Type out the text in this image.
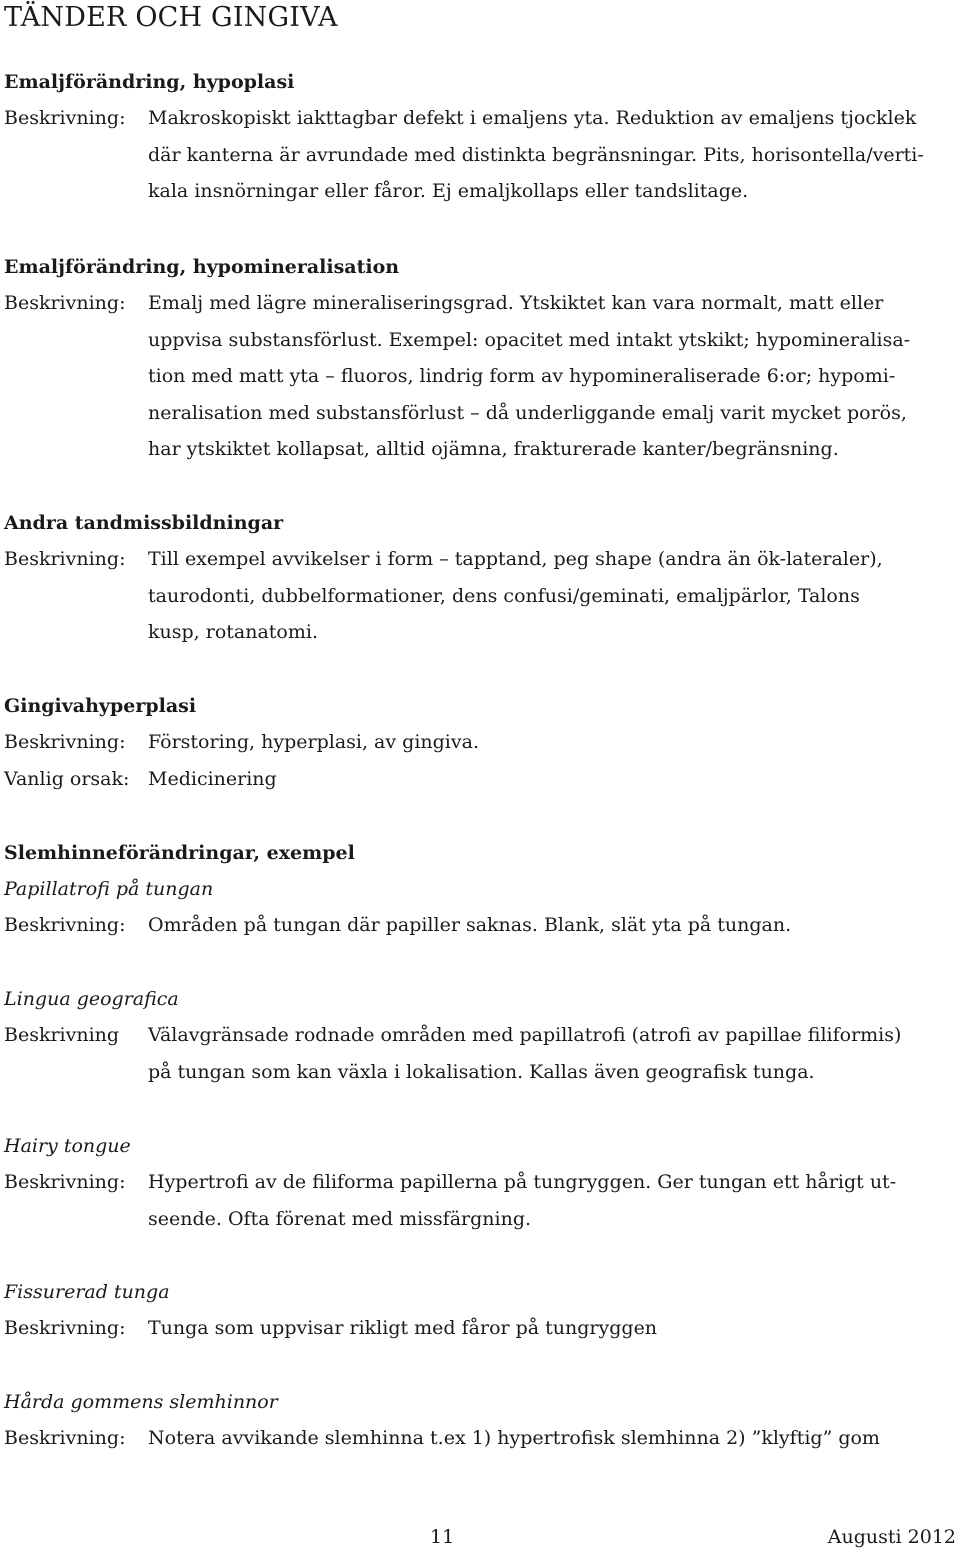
TÄNDER OCH GINGIVA
Emaljförändring, hypoplasi
Beskrivning:	Makroskopiskt iakttagbar defekt i emaljens yta. Reduktion av emaljens tjocklek
där kanterna är avrundade med distinkta begränsningar. Pits, horisontella/verti-
kala insnörningar eller fåror. Ej emaljkollaps eller tandslitage.
Emaljförändring, hypomineralisation
Beskrivning:	Emalj med lägre mineraliseringsgrad. Ytskiktet kan vara normalt, matt eller
uppvisa substansförlust. Exempel: opacitet med intakt ytskikt; hypomineralisa-
tion med matt yta – fluoros, lindrig form av hypomineraliserade 6:or; hypomi-
neralisation med substansförlust – då underliggande emalj varit mycket porös,
har ytskiktet kollapsat, alltid ojämna, frakturerade kanter/begränsning.
Andra tandmissbildningar
Beskrivning:	Till exempel avvikelser i form – tapptand, peg shape (andra än ök-lateraler),
taurodonti, dubbelformationer, dens confusi/geminati, emaljpärlor, Talons
kusp, rotanatomi.
Gingivahyperplasi
Beskrivning:	Förstoring, hyperplasi, av gingiva.
Vanlig orsak: Medicinering
Slemhinneförändringar, exempel
Papillatrofi på tungan
Beskrivning:	Områden på tungan där papiller saknas. Blank, slät yta på tungan.
Lingua geografica
Beskrivning	Välavgränsade rodnade områden med papillatrofi (atrofi av papillae filiformis)
på tungan som kan växla i lokalisation. Kallas även geografisk tunga.
Hairy tongue
Beskrivning:	Hypertrofi av de filiforma papillerna på tungryggen. Ger tungan ett hårigt ut-
seende. Ofta förenat med missfärgning.
Fissurerad tunga
Beskrivning:	Tunga som uppvisar rikligt med fåror på tungryggen
Hårda gommens slemhinnor
Beskrivning:	Notera avvikande slemhinna t.ex 1) hypertrofisk slemhinna 2) ”klyftig” gom
11	Augusti 2012
